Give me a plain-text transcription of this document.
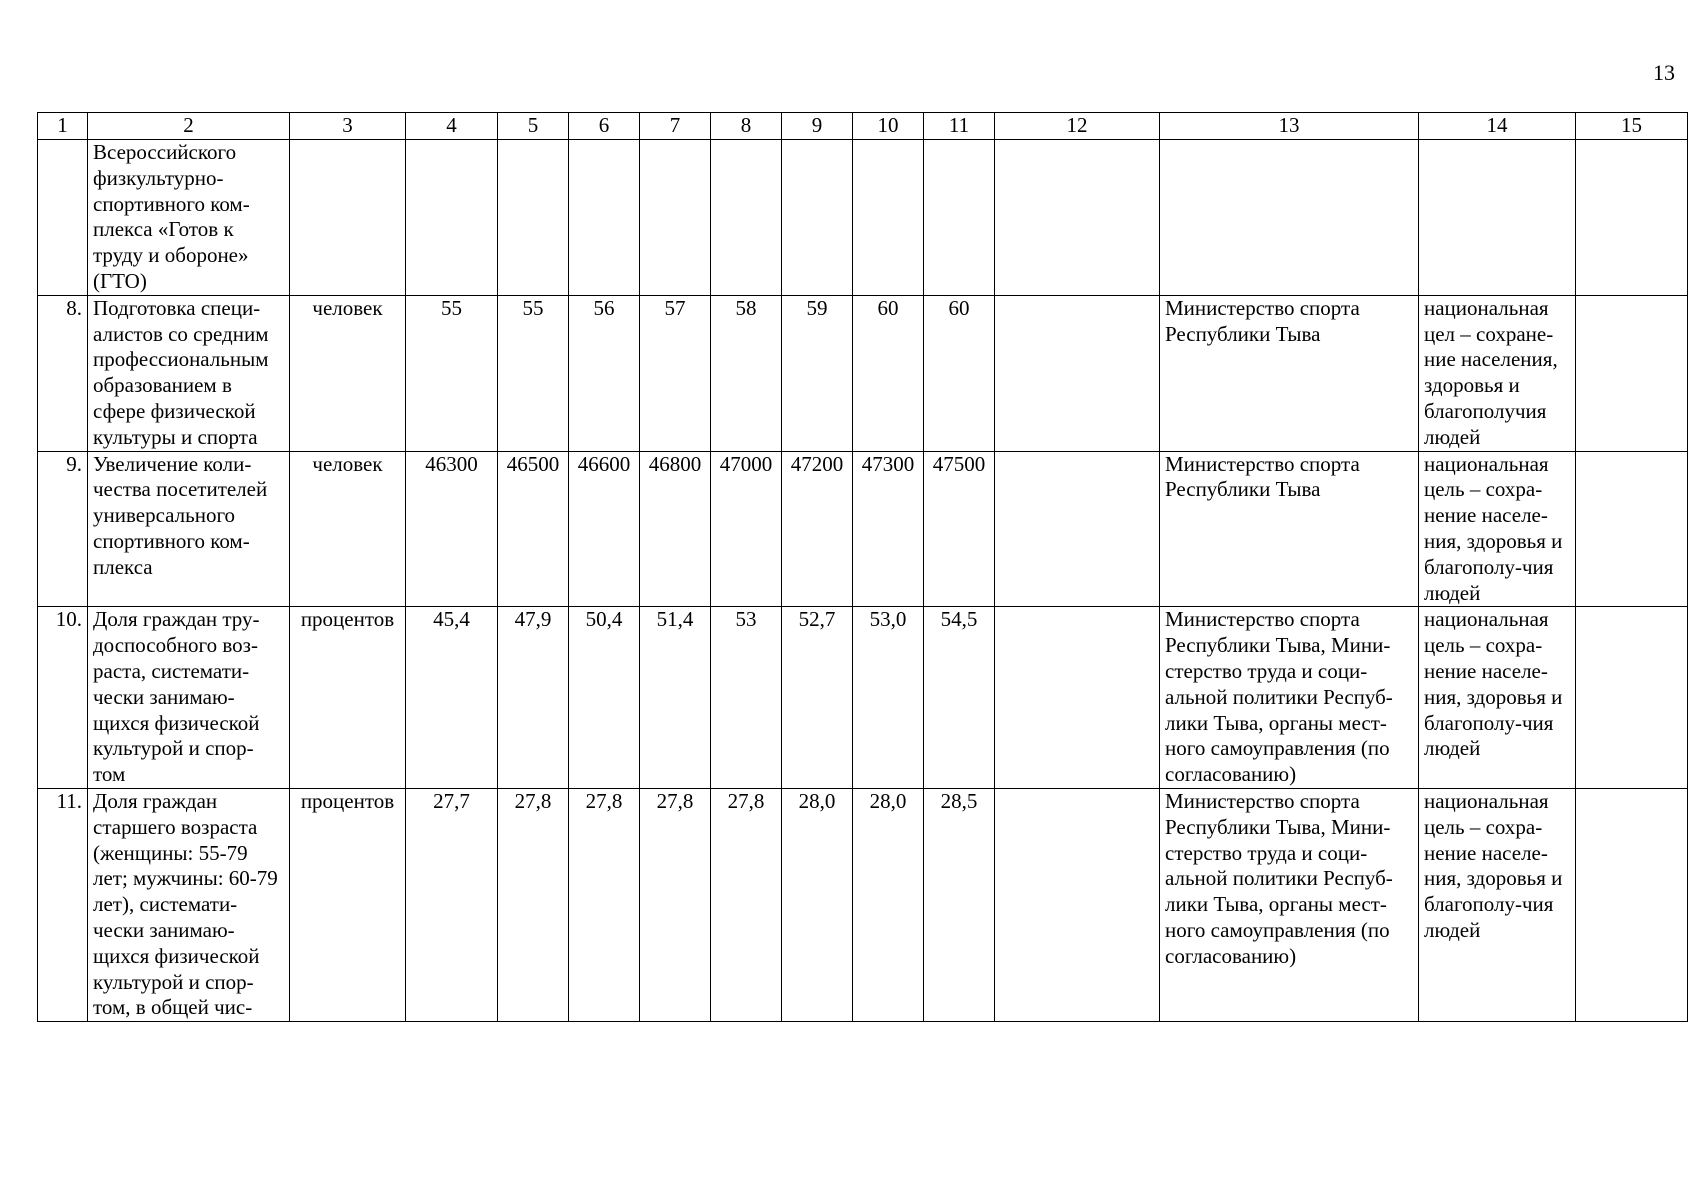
13
1	2	3	4	5	6	7	8	9	10	11	12	13	14	15
	Всероссийского физкультурно-спортивного ком-плекса «Готов к труду и обороне» (ГТО)													
8.	Подготовка специ-алистов со средним профессиональным образованием в сфере физической культуры и спорта	человек	55	55	56	57	58	59	60	60		Министерство спорта Республики Тыва	национальная цел – сохране-ние населения, здоровья и благополучия людей	
9.	Увеличение коли-чества посетителей универсального спортивного ком-плекса	человек	46300	46500	46600	46800	47000	47200	47300	47500		Министерство спорта Республики Тыва	национальная цель – сохра-нение населе-ния, здоровья и благополу-чия людей	
10.	Доля граждан тру-доспособного воз-раста, системати-чески занимаю-щихся физической культурой и спор-том	процентов	45,4	47,9	50,4	51,4	53	52,7	53,0	54,5		Министерство спорта Республики Тыва, Мини-стерство труда и соци-альной политики Респуб-лики Тыва, органы мест-ного самоуправления (по согласованию)	национальная цель – сохра-нение населе-ния, здоровья и благополу-чия людей	
11.	Доля граждан старшего возраста (женщины: 55-79 лет; мужчины: 60-79 лет), системати-чески занимаю-щихся физической культурой и спор-том, в общей чис-	процентов	27,7	27,8	27,8	27,8	27,8	28,0	28,0	28,5		Министерство спорта Республики Тыва, Мини-стерство труда и соци-альной политики Респуб-лики Тыва, органы мест-ного самоуправления (по согласованию)	национальная цель – сохра-нение населе-ния, здоровья и благополу-чия людей	
